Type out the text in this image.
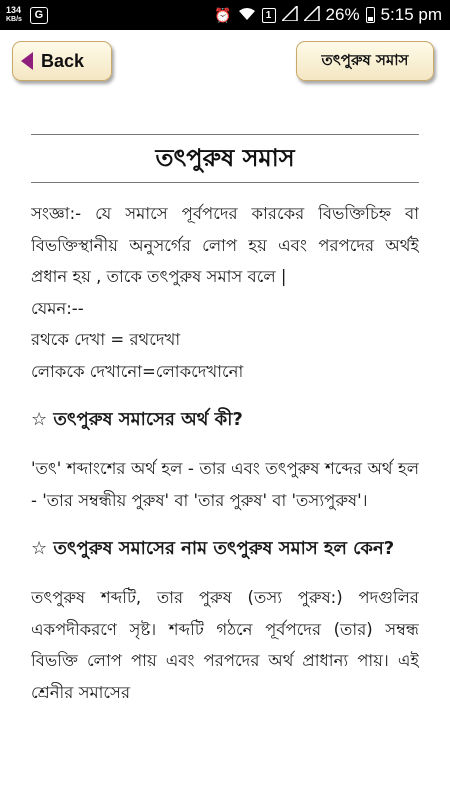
134
KB/s	G	⏰	1	26% 5:15 pm
Back	তৎপুরুষ সমাস
তৎপুরুষ সমাস

সংজ্ঞা:- যে সমাসে পূর্বপদের কারকের বিভক্তিচিহ্ন বা বিভক্তিস্থানীয় অনুসর্গের লোপ হয় এবং পরপদের অর্থই প্রধান হয় , তাকে তৎপুরুষ সমাস বলে |

যেমন:--
রথকে দেখা = রথদেখা
লোককে দেখানো=লোকদেখানো
☆ তৎপুরুষ সমাসের অর্থ কী?

'তৎ' শব্দাংশের অর্থ হল - তার এবং তৎপুরুষ শব্দের অর্থ হল - 'তার সম্বন্ধীয় পুরুষ' বা 'তার পুরুষ' বা 'তস্যপুরুষ'।

☆ তৎপুরুষ সমাসের নাম তৎপুরুষ সমাস হল কেন?

তৎপুরুষ শব্দটি, তার পুরুষ (তস্য পুরুষ:) পদগুলির একপদীকরণে সৃষ্ট। শব্দটি গঠনে পূর্বপদের (তার) সম্বন্ধ বিভক্তি লোপ পায় এবং পরপদের অর্থ প্রাধান্য পায়। এই শ্রেনীর সমাসের
